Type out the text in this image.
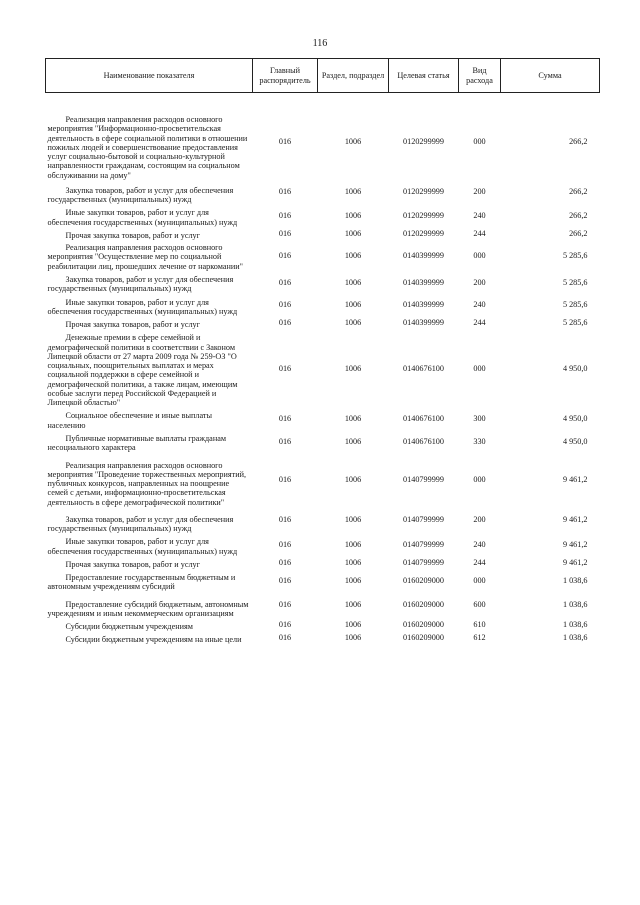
116
Наименование показателя	Главный распорядитель	Раздел, подраздел	Целевая статья	Вид расхода	Сумма

Реализация направления расходов основного мероприятия "Информационно-просветительская деятельность в сфере социальной политики в отношении пожилых людей и совершенствование предоставления услуг социально-бытовой и социально-культурной направленности гражданам, состоящим на социальном обслуживании на дому"	016	1006	0120299999	000	266,2
Закупка товаров, работ и услуг для обеспечения государственных (муниципальных) нужд	016	1006	0120299999	200	266,2
Иные закупки товаров, работ и услуг для обеспечения государственных (муниципальных) нужд	016	1006	0120299999	240	266,2
Прочая закупка товаров, работ и услуг	016	1006	0120299999	244	266,2
Реализация направления расходов основного мероприятия "Осуществление мер по социальной реабилитации лиц, прошедших лечение от наркомании"	016	1006	0140399999	000	5 285,6
Закупка товаров, работ и услуг для обеспечения государственных (муниципальных) нужд	016	1006	0140399999	200	5 285,6
Иные закупки товаров, работ и услуг для обеспечения государственных (муниципальных) нужд	016	1006	0140399999	240	5 285,6
Прочая закупка товаров, работ и услуг	016	1006	0140399999	244	5 285,6
Денежные премии в сфере семейной и демографической политики в соответствии с Законом Липецкой области от 27 марта 2009 года № 259-ОЗ "О социальных, поощрительных выплатах и мерах социальной поддержки в сфере семейной и демографической политики, а также лицам, имеющим особые заслуги перед Российской Федерацией и Липецкой областью"	016	1006	0140676100	000	4 950,0
Социальное обеспечение и иные выплаты населению	016	1006	0140676100	300	4 950,0
Публичные нормативные выплаты гражданам несоциального характера	016	1006	0140676100	330	4 950,0
Реализация направления расходов основного мероприятия "Проведение торжественных мероприятий, публичных конкурсов, направленных на поощрение семей с детьми, информационно-просветительская деятельность в сфере демографической политики"	016	1006	0140799999	000	9 461,2
Закупка товаров, работ и услуг для обеспечения государственных (муниципальных) нужд	016	1006	0140799999	200	9 461,2
Иные закупки товаров, работ и услуг для обеспечения государственных (муниципальных) нужд	016	1006	0140799999	240	9 461,2
Прочая закупка товаров, работ и услуг	016	1006	0140799999	244	9 461,2
Предоставление государственным бюджетным и автономным учреждениям субсидий	016	1006	0160209000	000	1 038,6
Предоставление субсидий бюджетным, автономным учреждениям и иным некоммерческим организациям	016	1006	0160209000	600	1 038,6
Субсидии бюджетным учреждениям	016	1006	0160209000	610	1 038,6
Субсидии бюджетным учреждениям на иные цели	016	1006	0160209000	612	1 038,6
